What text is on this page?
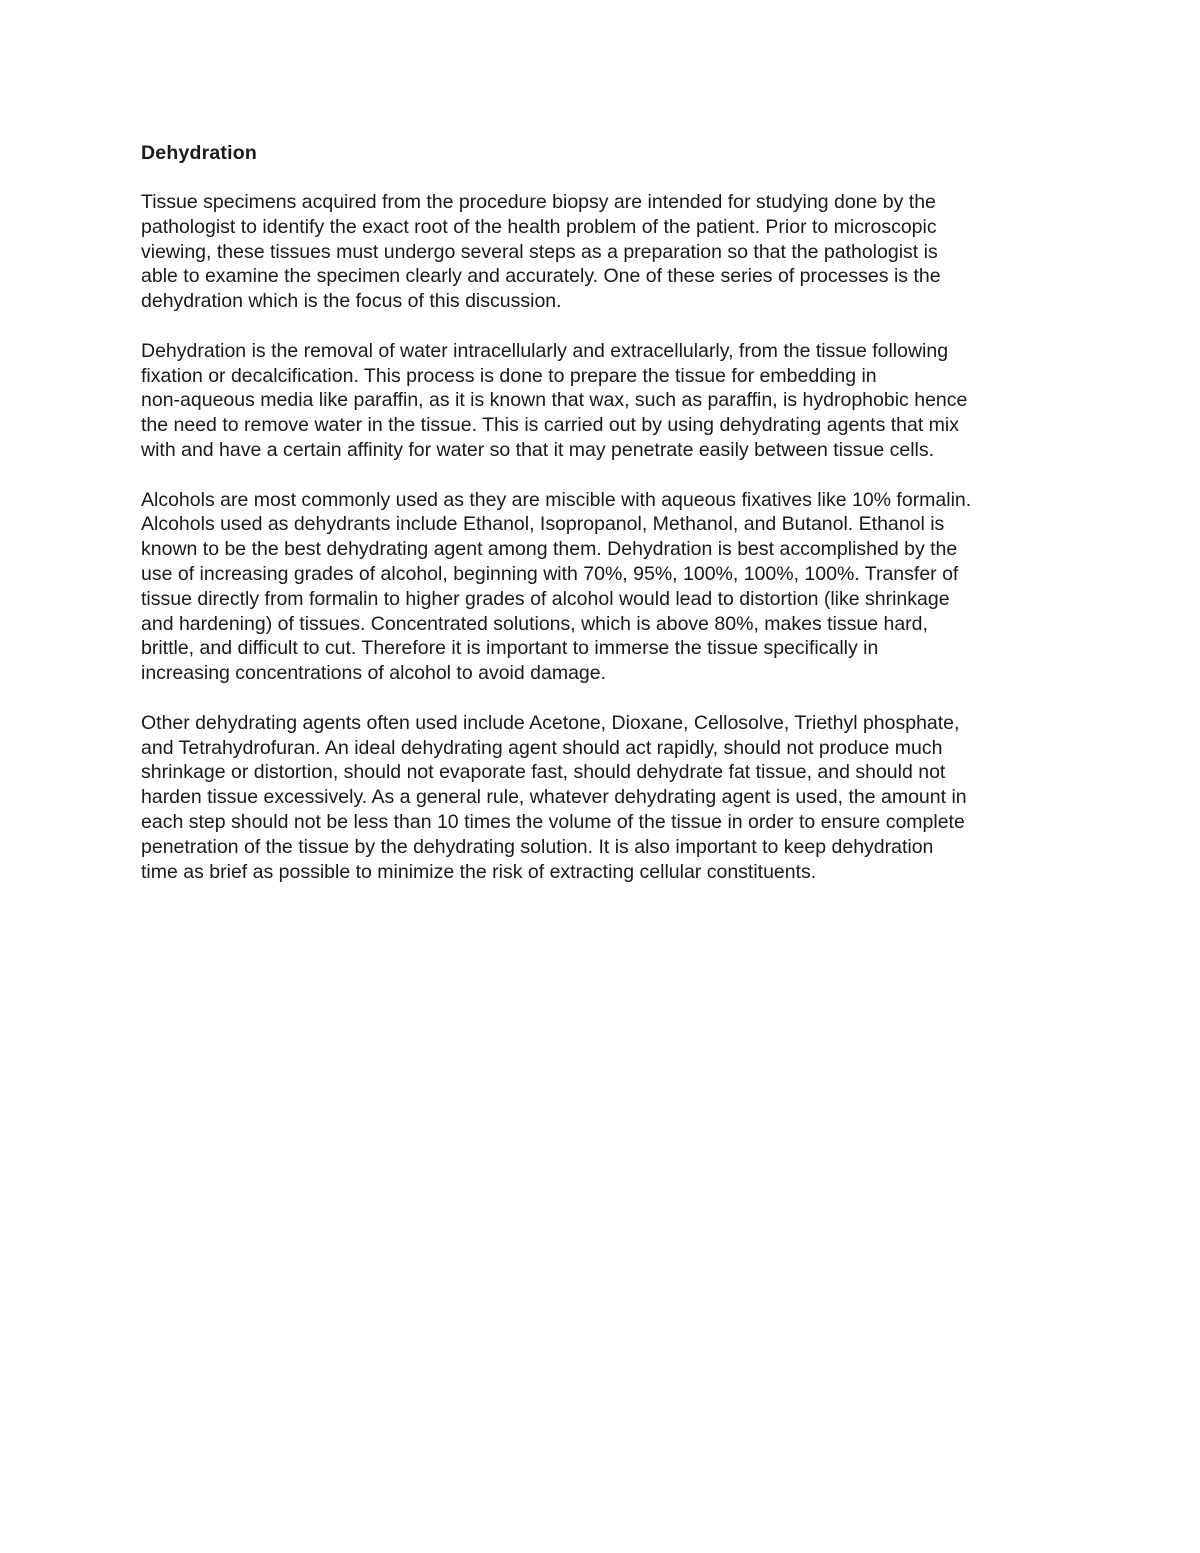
Dehydration

Tissue specimens acquired from the procedure biopsy are intended for studying done by the
pathologist to identify the exact root of the health problem of the patient. Prior to microscopic
viewing, these tissues must undergo several steps as a preparation so that the pathologist is
able to examine the specimen clearly and accurately. One of these series of processes is the
dehydration which is the focus of this discussion.

Dehydration is the removal of water intracellularly and extracellularly, from the tissue following
fixation or decalcification. This process is done to prepare the tissue for embedding in
non-aqueous media like paraffin, as it is known that wax, such as paraffin, is hydrophobic hence
the need to remove water in the tissue. This is carried out by using dehydrating agents that mix
with and have a certain affinity for water so that it may penetrate easily between tissue cells.

Alcohols are most commonly used as they are miscible with aqueous fixatives like 10% formalin.
Alcohols used as dehydrants include Ethanol, Isopropanol, Methanol, and Butanol. Ethanol is
known to be the best dehydrating agent among them. Dehydration is best accomplished by the
use of increasing grades of alcohol, beginning with 70%, 95%, 100%, 100%, 100%. Transfer of
tissue directly from formalin to higher grades of alcohol would lead to distortion (like shrinkage
and hardening) of tissues. Concentrated solutions, which is above 80%, makes tissue hard,
brittle, and difficult to cut. Therefore it is important to immerse the tissue specifically in
increasing concentrations of alcohol to avoid damage.

Other dehydrating agents often used include Acetone, Dioxane, Cellosolve, Triethyl phosphate,
and Tetrahydrofuran. An ideal dehydrating agent should act rapidly, should not produce much
shrinkage or distortion, should not evaporate fast, should dehydrate fat tissue, and should not
harden tissue excessively. As a general rule, whatever dehydrating agent is used, the amount in
each step should not be less than 10 times the volume of the tissue in order to ensure complete
penetration of the tissue by the dehydrating solution. It is also important to keep dehydration
time as brief as possible to minimize the risk of extracting cellular constituents.
